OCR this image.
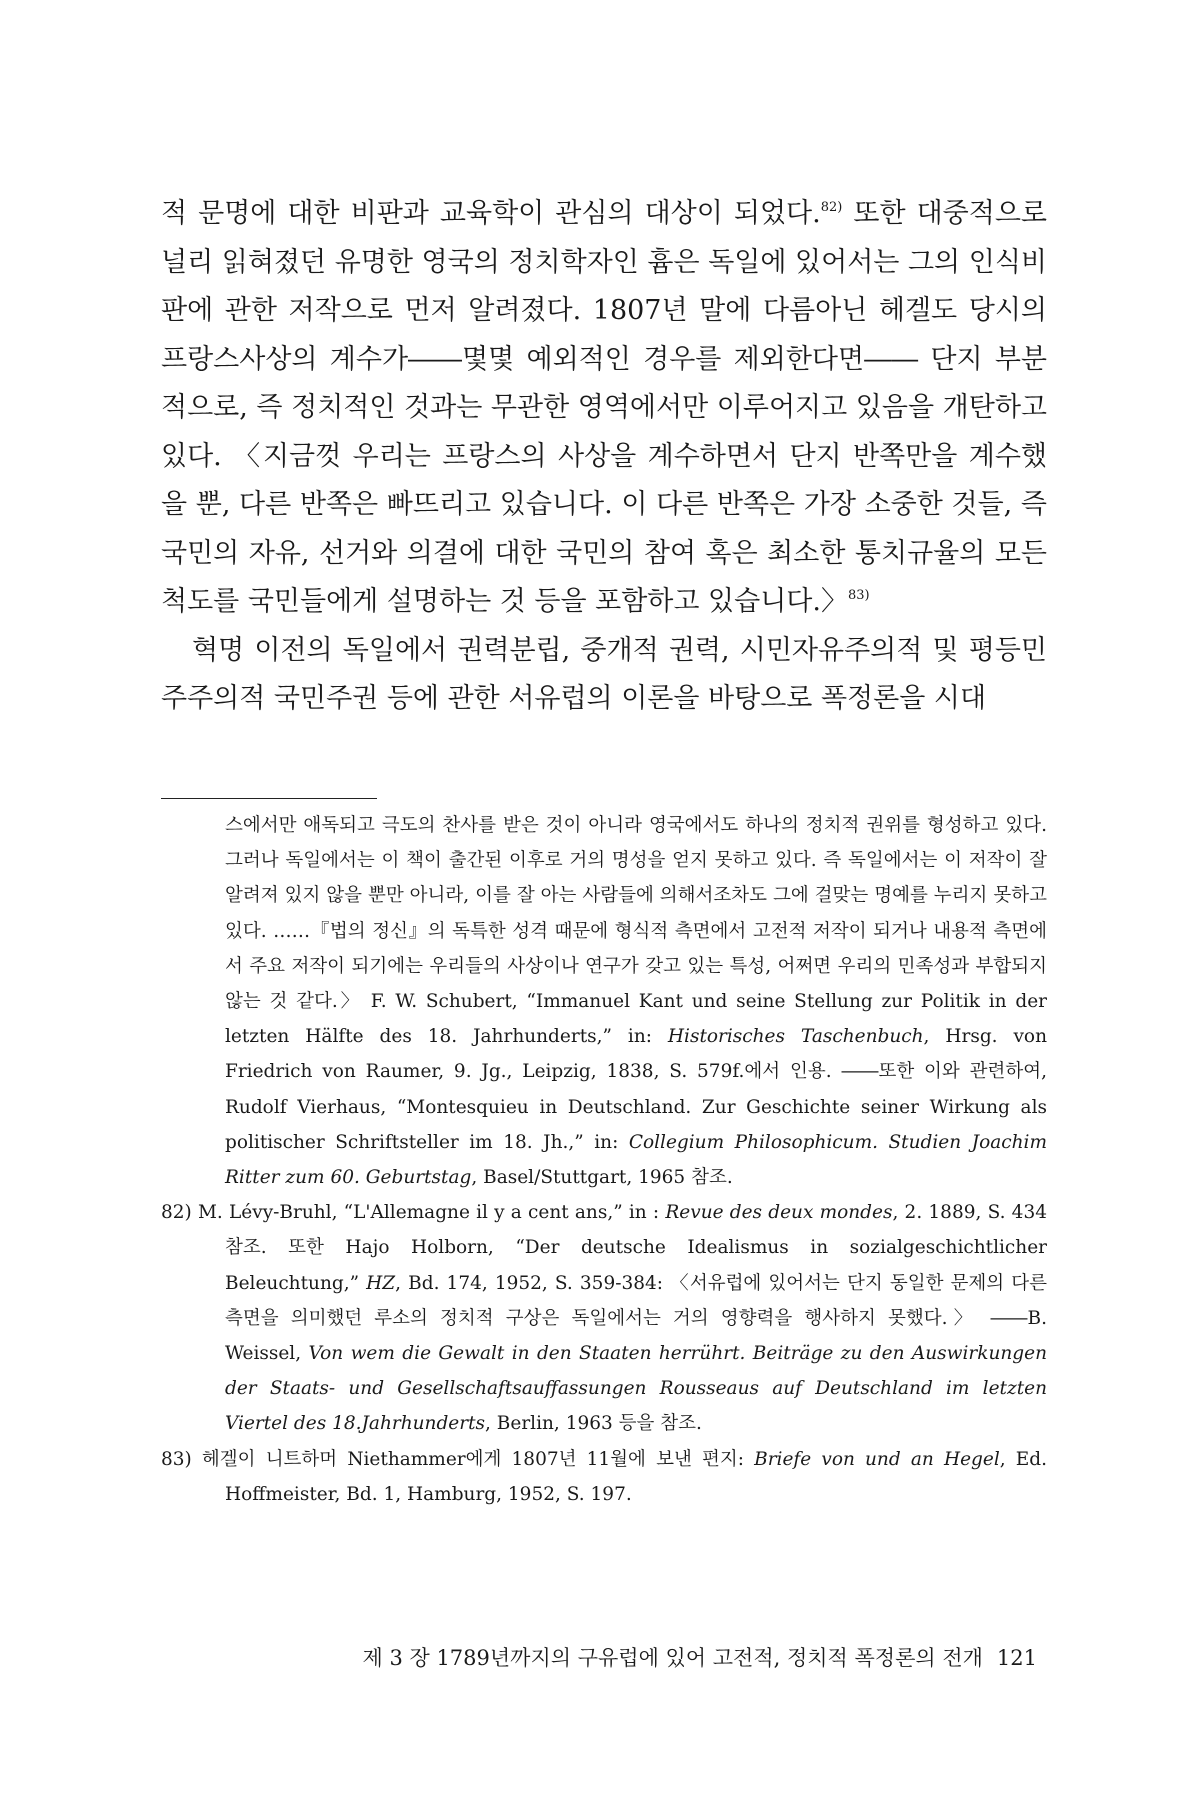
적 문명에 대한 비판과 교육학이 관심의 대상이 되었다.$^{82)}$ 또한 대중적으로 널리 읽혀졌던 유명한 영국의 정치학자인 흄은 독일에 있어서는 그의 인식비판에 관한 저작으로 먼저 알려졌다. 1807년 말에 다름아닌 헤겔도 당시의 프랑스사상의 계수가――몇몇 예외적인 경우를 제외한다면―― 단지 부분적으로, 즉 정치적인 것과는 무관한 영역에서만 이루어지고 있음을 개탄하고 있다. 〈지금껏 우리는 프랑스의 사상을 계수하면서 단지 반쪽만을 계수했을 뿐, 다른 반쪽은 빠뜨리고 있습니다. 이 다른 반쪽은 가장 소중한 것들, 즉 국민의 자유, 선거와 의결에 대한 국민의 참여 혹은 최소한 통치규율의 모든 척도를 국민들에게 설명하는 것 등을 포함하고 있습니다.〉$^{83)}$

혁명 이전의 독일에서 권력분립, 중개적 권력, 시민자유주의적 및 평등민주주의적 국민주권 등에 관한 서유럽의 이론을 바탕으로 폭정론을 시대

스에서만 애독되고 극도의 찬사를 받은 것이 아니라 영국에서도 하나의 정치적 권위를 형성하고 있다. 그러나 독일에서는 이 책이 출간된 이후로 거의 명성을 얻지 못하고 있다. 즉 독일에서는 이 저작이 잘 알려져 있지 않을 뿐만 아니라, 이를 잘 아는 사람들에 의해서조차도 그에 걸맞는 명예를 누리지 못하고 있다. ……『법의 정신』의 독특한 성격 때문에 형식적 측면에서 고전적 저작이 되거나 내용적 측면에서 주요 저작이 되기에는 우리들의 사상이나 연구가 갖고 있는 특성, 어쩌면 우리의 민족성과 부합되지 않는 것 같다.〉 F. W. Schubert, “Immanuel Kant und seine Stellung zur Politik in der letzten Hälfte des 18. Jahrhunderts,” in: Historisches Taschenbuch, Hrsg. von Friedrich von Raumer, 9. Jg., Leipzig, 1838, S. 579f.에서 인용. ――또한 이와 관련하여, Rudolf Vierhaus, “Montesquieu in Deutschland. Zur Geschichte seiner Wirkung als politischer Schriftsteller im 18. Jh.,” in: Collegium Philosophicum. Studien Joachim Ritter zum 60. Geburtstag, Basel/Stuttgart, 1965 참조.

82) M. Lévy-Bruhl, “L'Allemagne il y a cent ans,” in : Revue des deux mondes, 2. 1889, S. 434 참조. 또한 Hajo Holborn, “Der deutsche Idealismus in sozialgeschichtlicher Beleuchtung,” HZ, Bd. 174, 1952, S. 359-384: 〈서유럽에 있어서는 단지 동일한 문제의 다른 측면을 의미했던 루소의 정치적 구상은 독일에서는 거의 영향력을 행사하지 못했다.〉 ――B. Weissel, Von wem die Gewalt in den Staaten herrührt. Beiträge zu den Auswirkungen der Staats- und Gesellschaftsauffassungen Rousseaus auf Deutschland im letzten Viertel des 18.Jahrhunderts, Berlin, 1963 등을 참조.

83) 헤겔이 니트하머 Niethammer에게 1807년 11월에 보낸 편지: Briefe von und an Hegel, Ed. Hoffmeister, Bd. 1, Hamburg, 1952, S. 197.

제 3 장 1789년까지의 구유럽에 있어 고전적, 정치적 폭정론의 전개 121
